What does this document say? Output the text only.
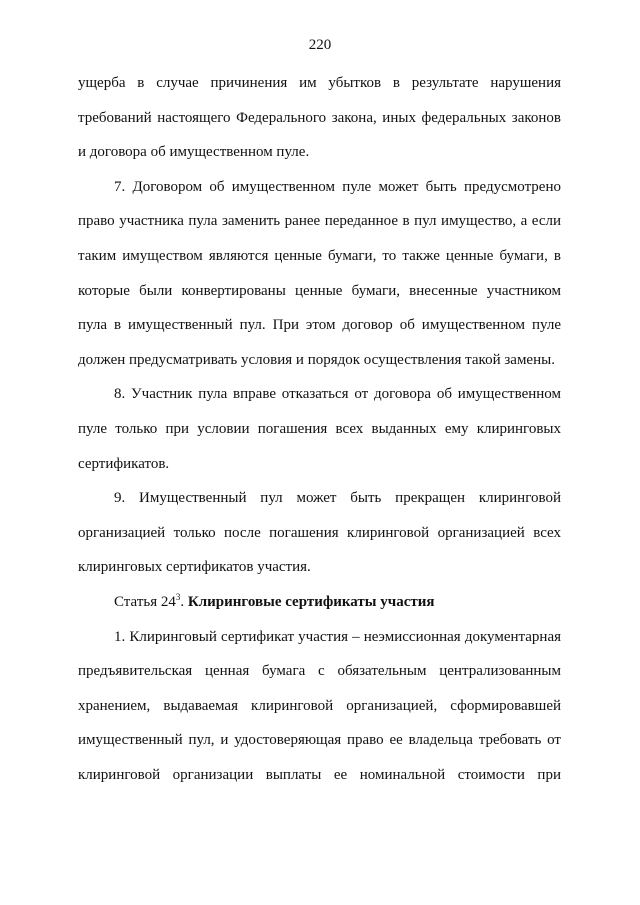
220
ущерба в случае причинения им убытков в результате нарушения
требований настоящего Федерального закона, иных федеральных законов
и договора об имущественном пуле.
7. Договором об имущественном пуле может быть предусмотрено
право участника пула заменить ранее переданное в пул имущество, а если
таким имуществом являются ценные бумаги, то также ценные бумаги, в
которые были конвертированы ценные бумаги, внесенные участником
пула в имущественный пул. При этом договор об имущественном пуле
должен предусматривать условия и порядок осуществления такой замены.
8. Участник пула вправе отказаться от договора об имущественном
пуле только при условии погашения всех выданных ему клиринговых
сертификатов.
9. Имущественный пул может быть прекращен клиринговой
организацией только после погашения клиринговой организацией всех
клиринговых сертификатов участия.
Статья $24^3$. Клиринговые сертификаты участия
1. Клиринговый сертификат участия – неэмиссионная документарная
предъявительская ценная бумага с обязательным централизованным
хранением, выдаваемая клиринговой организацией, сформировавшей
имущественный пул, и удостоверяющая право ее владельца требовать от
клиринговой организации выплаты ее номинальной стоимости при
